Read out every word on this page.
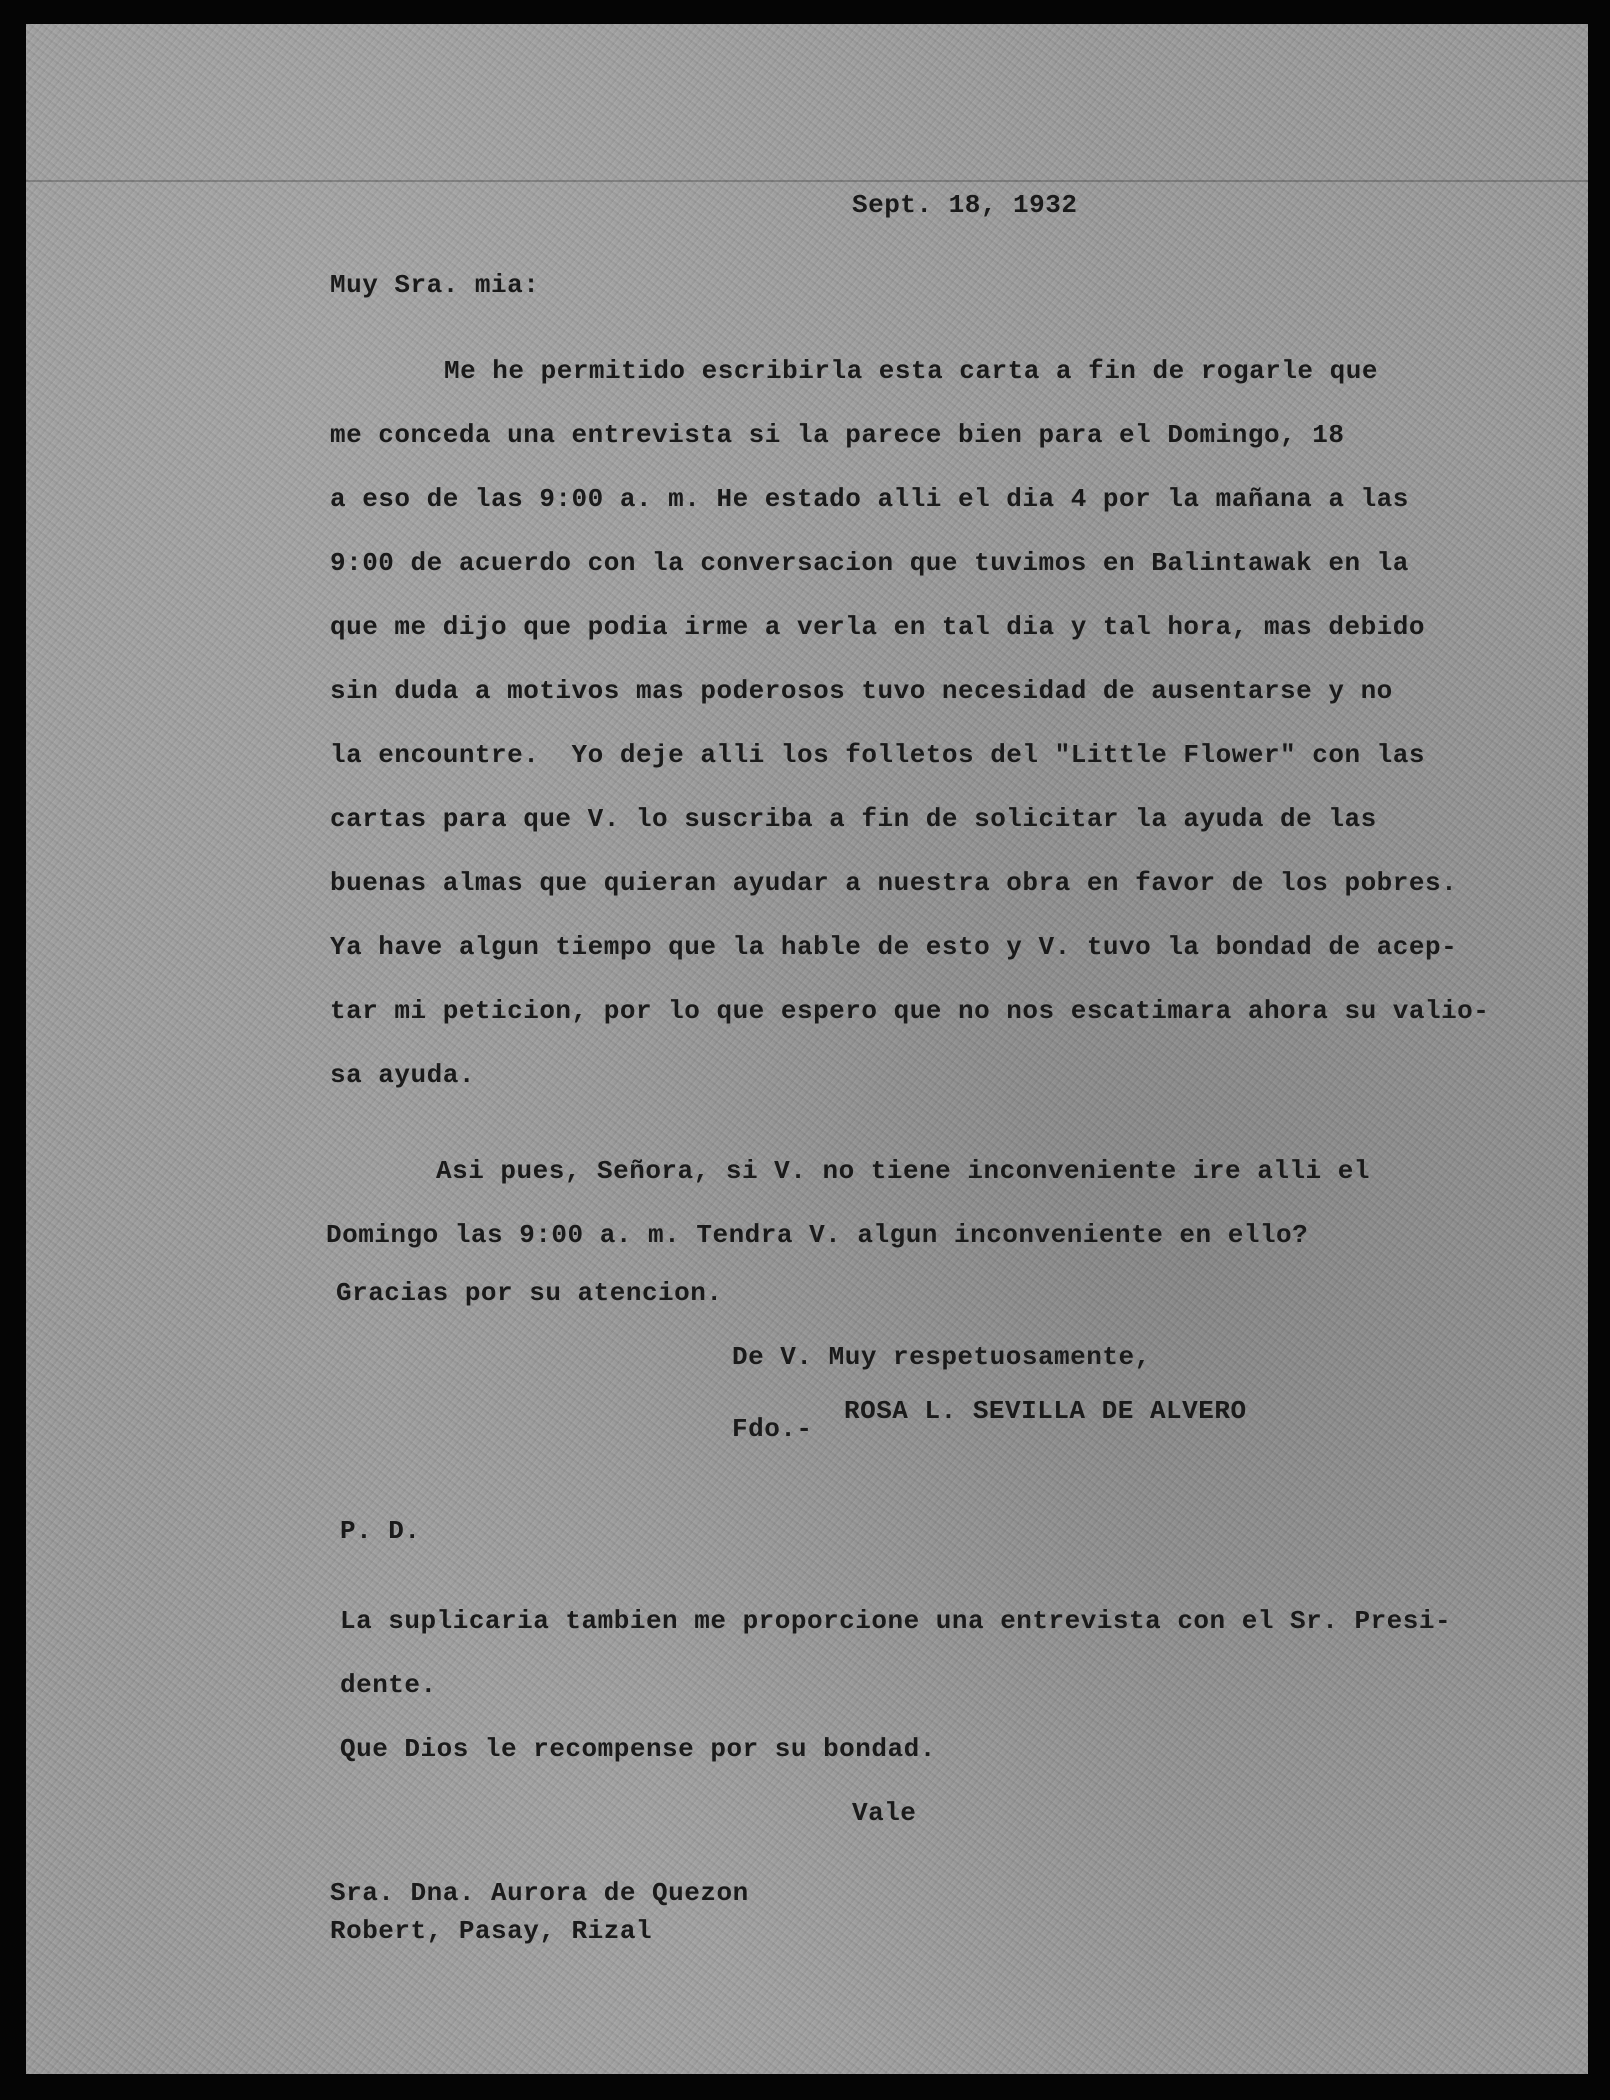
Sept. 18, 1932
Muy Sra. mia:
Me he permitido escribirla esta carta a fin de rogarle que
me conceda una entrevista si la parece bien para el Domingo, 18
a eso de las 9:00 a. m. He estado alli el dia 4 por la mañana a las
9:00 de acuerdo con la conversacion que tuvimos en Balintawak en la
que me dijo que podia irme a verla en tal dia y tal hora, mas debido
sin duda a motivos mas poderosos tuvo necesidad de ausentarse y no
la encountre.  Yo deje alli los folletos del "Little Flower" con las
cartas para que V. lo suscriba a fin de solicitar la ayuda de las
buenas almas que quieran ayudar a nuestra obra en favor de los pobres.
Ya have algun tiempo que la hable de esto y V. tuvo la bondad de acep-
tar mi peticion, por lo que espero que no nos escatimara ahora su valio-
sa ayuda.
Asi pues, Señora, si V. no tiene inconveniente ire alli el
Domingo las 9:00 a. m. Tendra V. algun inconveniente en ello?
Gracias por su atencion.
De V. Muy respetuosamente,
Fdo.-
ROSA L. SEVILLA DE ALVERO
P. D.
La suplicaria tambien me proporcione una entrevista con el Sr. Presi-
dente.
Que Dios le recompense por su bondad.
Vale
Sra. Dna. Aurora de Quezon
Robert, Pasay, Rizal
